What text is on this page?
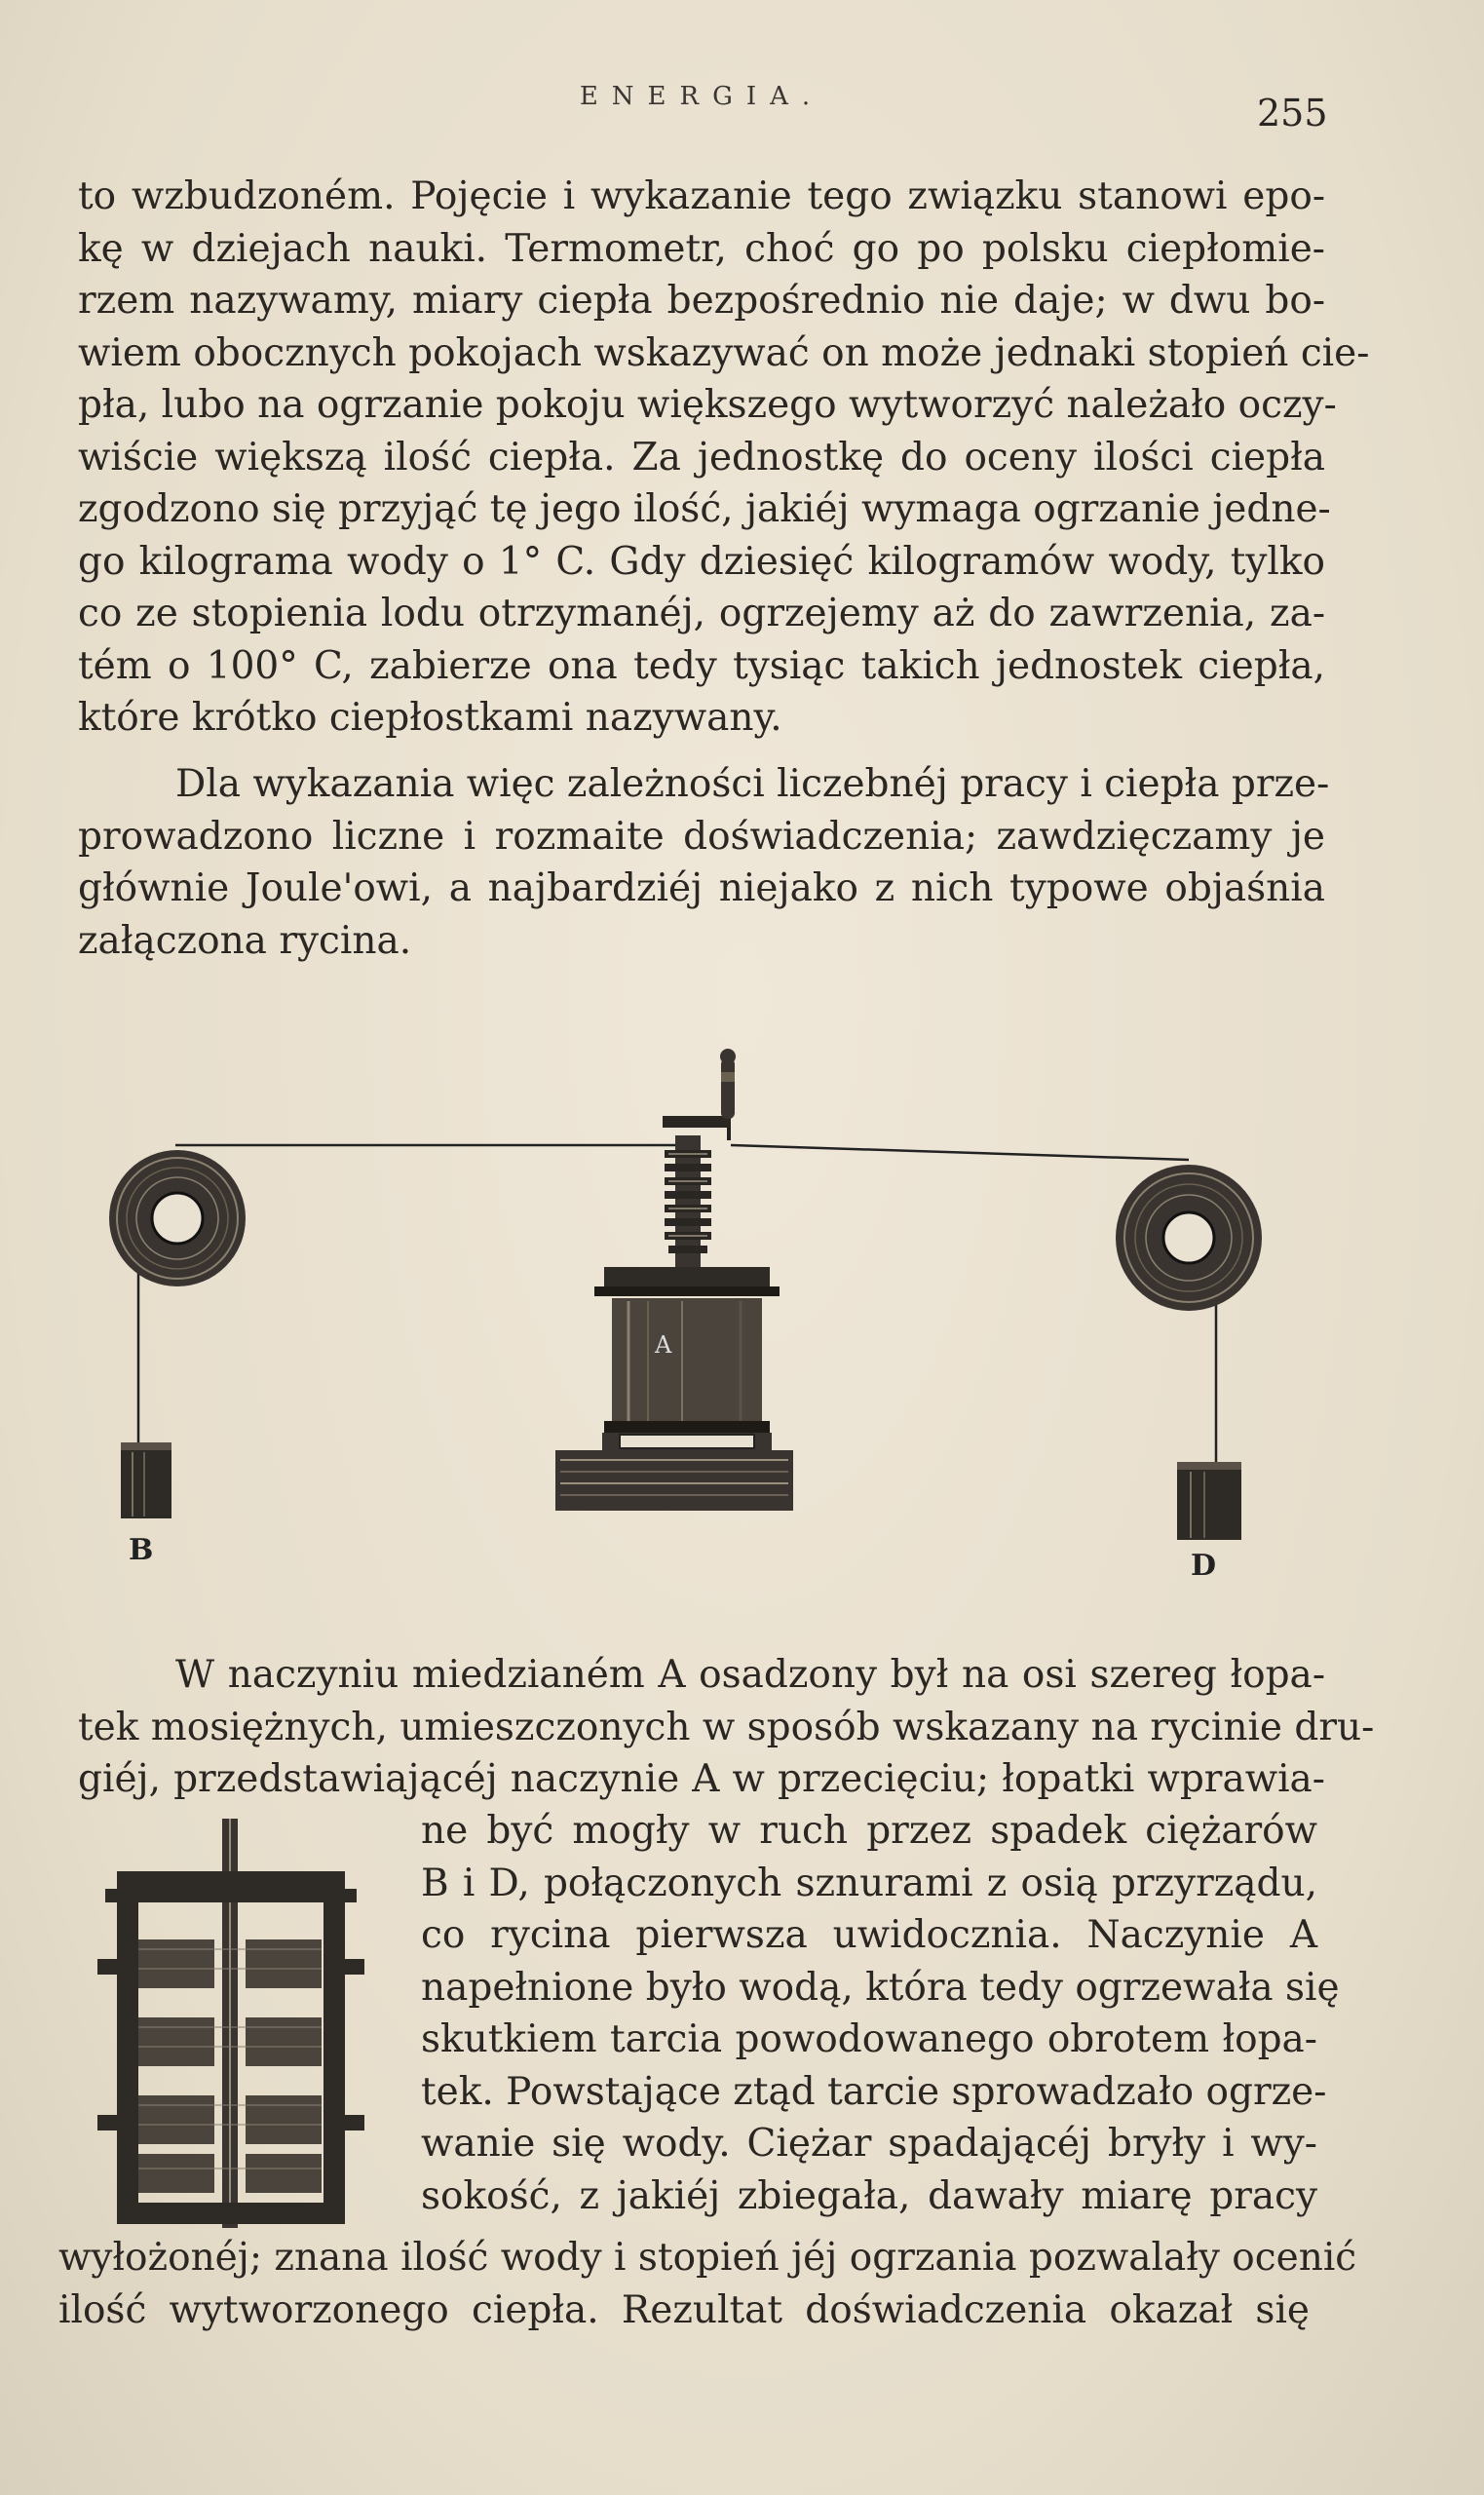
ENERGIA.	255
to wzbudzoném. Pojęcie i wykazanie tego związku stanowi epo-
kę w dziejach nauki. Termometr, choć go po polsku ciepłomie-
rzem nazywamy, miary ciepła bezpośrednio nie daje; w dwu bo-
wiem obocznych pokojach wskazywać on może jednaki stopień cie-
pła, lubo na ogrzanie pokoju większego wytworzyć należało oczy-
wiście większą ilość ciepła. Za jednostkę do oceny ilości ciepła
zgodzono się przyjąć tę jego ilość, jakiéj wymaga ogrzanie jedne-
go kilograma wody o 1° C. Gdy dziesięć kilogramów wody, tylko
co ze stopienia lodu otrzymanéj, ogrzejemy aż do zawrzenia, za-
tém o 100° C, zabierze ona tedy tysiąc takich jednostek ciepła,
które krótko ciepłostkami nazywany.
Dla wykazania więc zależności liczebnéj pracy i ciepła prze-
prowadzono liczne i rozmaite doświadczenia; zawdzięczamy je
głównie Joule'owi, a najbardziéj niejako z nich typowe objaśnia
załączona rycina.
B	D
A
W naczyniu miedzianém A osadzony był na osi szereg łopa-
tek mosiężnych, umieszczonych w sposób wskazany na rycinie dru-
giéj, przedstawiającéj naczynie A w przecięciu; łopatki wprawia-
ne być mogły w ruch przez spadek ciężarów
B i D, połączonych sznurami z osią przyrządu,
co rycina pierwsza uwidocznia. Naczynie A
napełnione było wodą, która tedy ogrzewała się
skutkiem tarcia powodowanego obrotem łopa-
tek. Powstające ztąd tarcie sprowadzało ogrze-
wanie się wody. Ciężar spadającéj bryły i wy-
sokość, z jakiéj zbiegała, dawały miarę pracy
wyłożonéj; znana ilość wody i stopień jéj ogrzania pozwalały ocenić
ilość wytworzonego ciepła. Rezultat doświadczenia okazał się
